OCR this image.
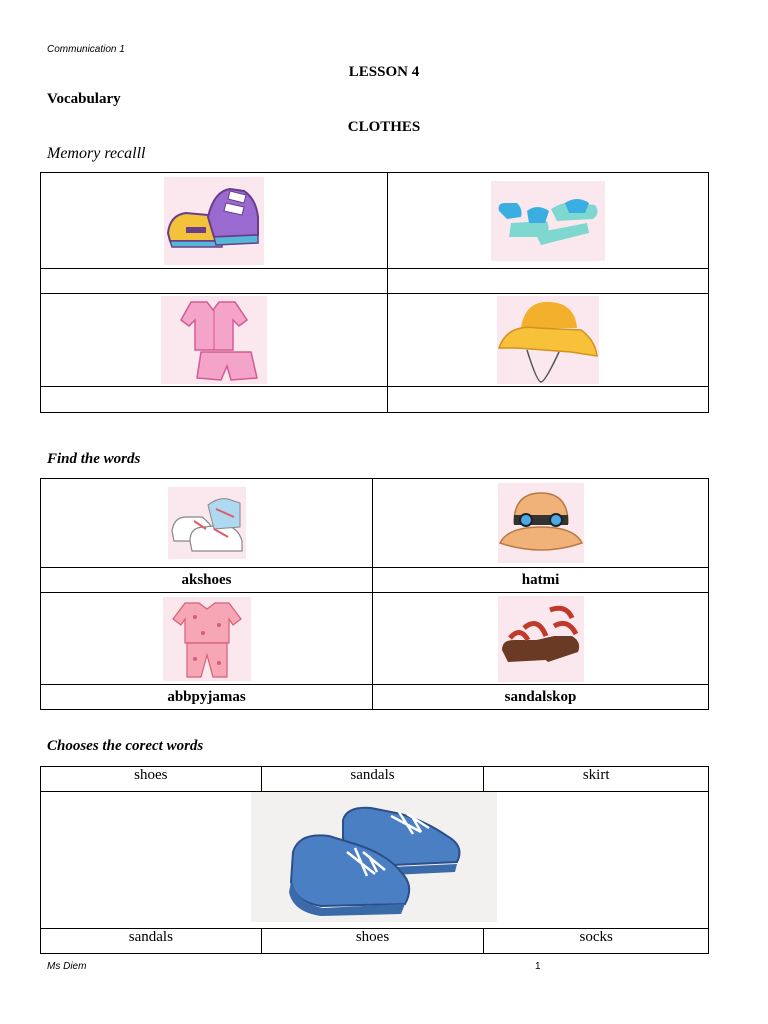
Communication 1
LESSON 4
Vocabulary
CLOTHES
Memory recalll

Find the words

akshoes	hatmi

abbpyjamas	sandalskop
Chooses the corect words
shoes	sandals	skirt

sandals	shoes	socks
Ms Diem	1
